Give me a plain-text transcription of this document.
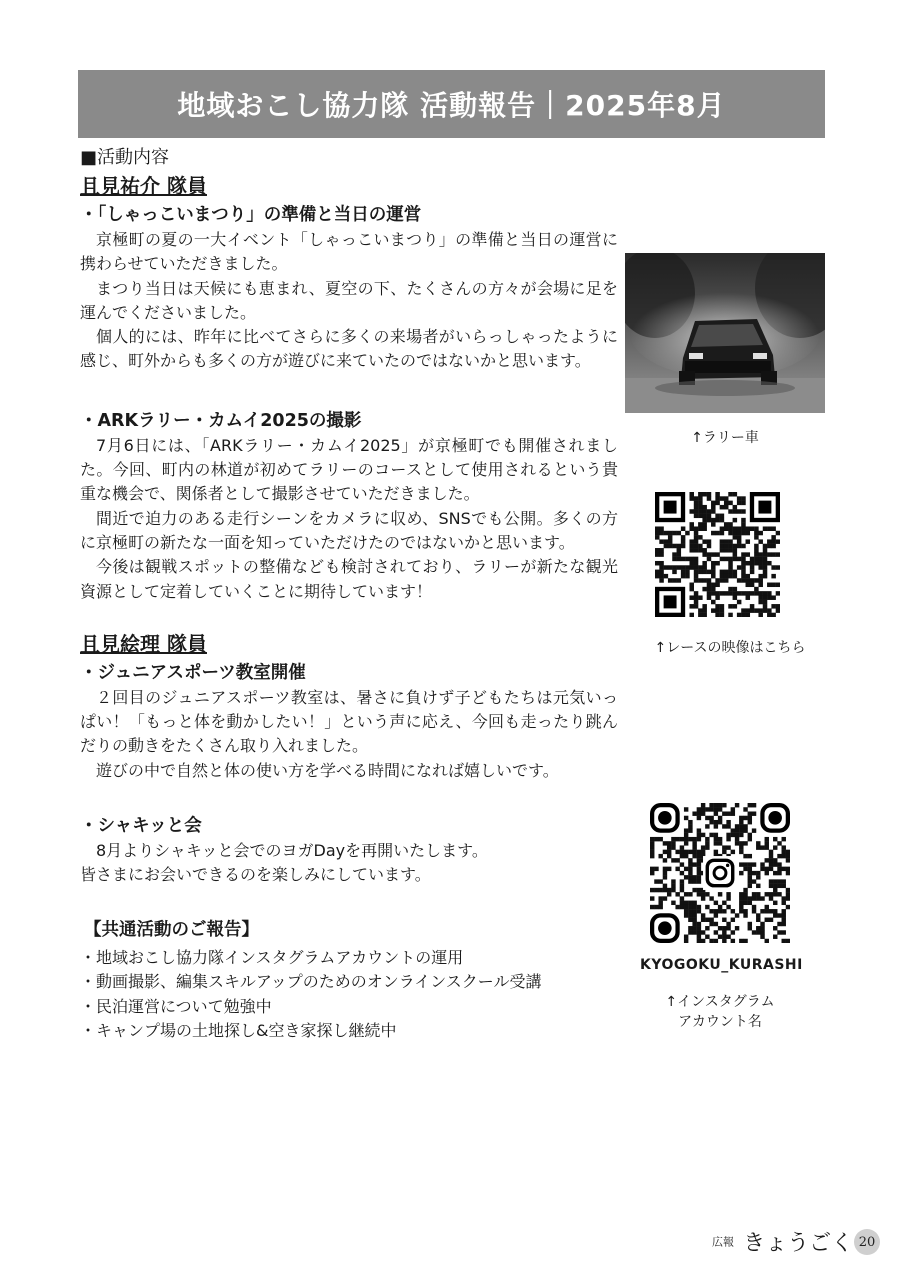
地域おこし協力隊 活動報告｜2025年8月

■活動内容

且見祐介 隊員

・「しゃっこいまつり」の準備と当日の運営

京極町の夏の一大イベント「しゃっこいまつり」の準備と当日の運営に携わらせていただきました。

まつり当日は天候にも恵まれ、夏空の下、たくさんの方々が会場に足を運んでくださいました。

個人的には、昨年に比べてさらに多くの来場者がいらっしゃったように感じ、町外からも多くの方が遊びに来ていたのではないかと思います。

・ARKラリー・カムイ2025の撮影

7月6日には、「ARKラリー・カムイ2025」が京極町でも開催されました。今回、町内の林道が初めてラリーのコースとして使用されるという貴重な機会で、関係者として撮影させていただきました。

間近で迫力のある走行シーンをカメラに収め、SNSでも公開。多くの方に京極町の新たな一面を知っていただけたのではないかと思います。

今後は観戦スポットの整備なども検討されており、ラリーが新たな観光資源として定着していくことに期待しています！

且見絵理 隊員

・ジュニアスポーツ教室開催

２回目のジュニアスポーツ教室は、暑さに負けず子どもたちは元気いっぱい！「もっと体を動かしたい！」という声に応え、今回も走ったり跳んだりの動きをたくさん取り入れました。

遊びの中で自然と体の使い方を学べる時間になれば嬉しいです。

・シャキッと会

8月よりシャキッと会でのヨガDayを再開いたします。

皆さまにお会いできるのを楽しみにしています。

【共通活動のご報告】

・地域おこし協力隊インスタグラムアカウントの運用
・動画撮影、編集スキルアップのためのオンラインスクール受講
・民泊運営について勉強中
・キャンプ場の土地探し&空き家探し継続中
↑ラリー車
↑レースの映像はこちら
KYOGOKU_KURASHI
↑インスタグラム
アカウント名
広報 きょうごく 20
